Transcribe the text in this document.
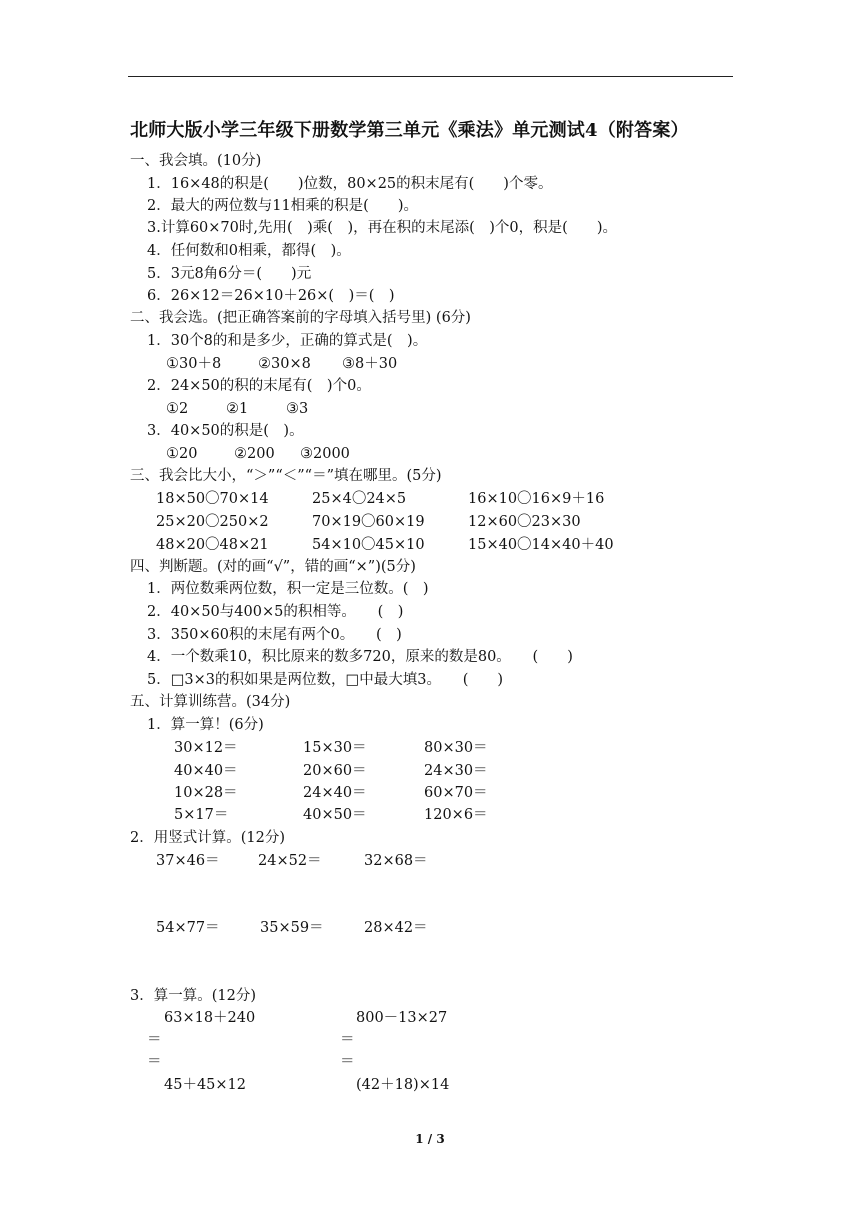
北师大版小学三年级下册数学第三单元《乘法》单元测试4（附答案）
一、我会填。(10分)
1．16×48的积是(　　)位数，80×25的积末尾有(　　)个零。
2．最大的两位数与11相乘的积是(　　)。
3.计算60×70时,先用(　)乘(　)，再在积的末尾添(　)个0，积是(　　)。
4．任何数和0相乘，都得(　)。
5．3元8角6分＝(　　)元
6．26×12＝26×10＋26×(　)＝(　)
二、我会选。(把正确答案前的字母填入括号里) (6分)
1．30个8的和是多少，正确的算式是(　)。
①30＋8	②30×8 ③8＋30
2．24×50的积的末尾有(　)个0。
①2	②1	③3
3．40×50的积是(　)。
①20	②200 ③2000
三、我会比大小，“＞”“＜”“＝”填在哪里。(5分)
18×50〇70×14	25×4〇24×5	16×10〇16×9＋16
25×20〇250×2	70×19〇60×19	12×60〇23×30
48×20〇48×21	54×10〇45×10	15×40〇14×40＋40
四、判断题。(对的画“√”，错的画“×”)(5分)
1．两位数乘两位数，积一定是三位数。(　)
2．40×50与400×5的积相等。　　(　)
3．350×60积的末尾有两个0。　　(　)
4．一个数乘10，积比原来的数多720，原来的数是80。　　(　　)
5．□3×3的积如果是两位数，□中最大填3。　　(　　)
五、计算训练营。(34分)
1．算一算！(6分)
30×12＝	15×30＝	80×30＝
40×40＝	20×60＝	24×30＝
10×28＝	24×40＝	60×70＝
5×17＝	40×50＝	120×6＝
2．用竖式计算。(12分)
37×46＝	24×52＝	32×68＝
54×77＝	35×59＝	28×42＝
3．算一算。(12分)
63×18＋240	800－13×27
＝	＝
＝	＝
45＋45×12	(42＋18)×14
1 / 3
